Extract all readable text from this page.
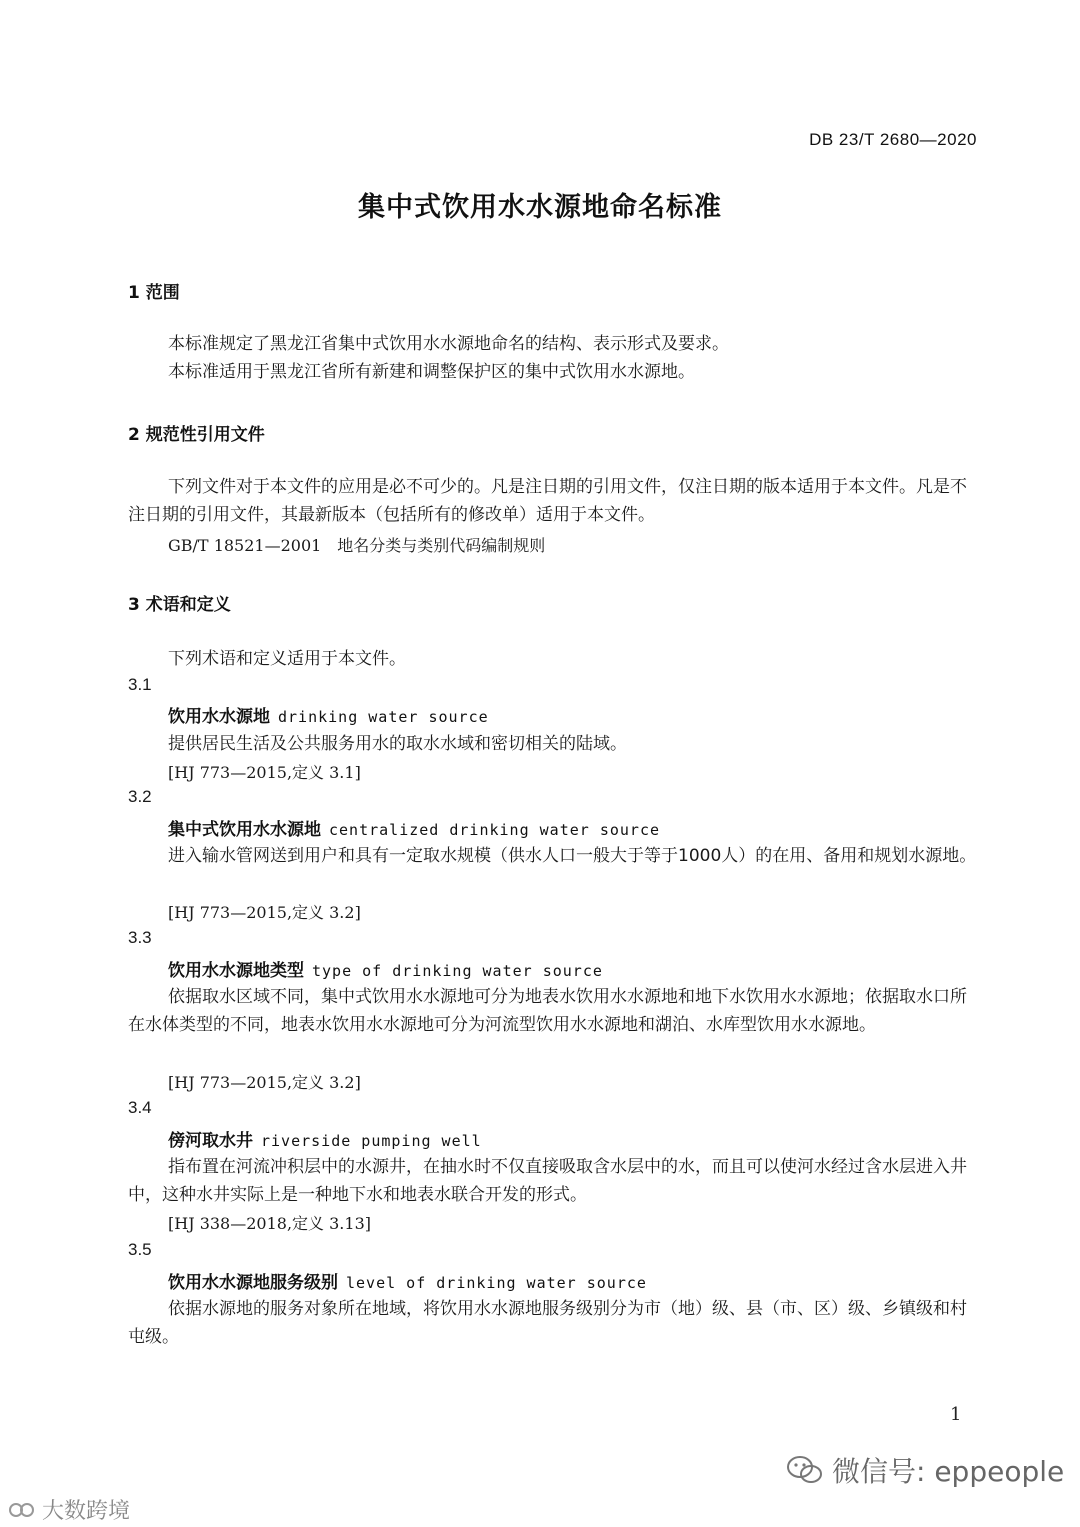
DB 23/T 2680—2020
集中式饮用水水源地命名标准
1 范围
本标准规定了黑龙江省集中式饮用水水源地命名的结构、表示形式及要求。
本标准适用于黑龙江省所有新建和调整保护区的集中式饮用水水源地。
2 规范性引用文件
下列文件对于本文件的应用是必不可少的。凡是注日期的引用文件，仅注日期的版本适用于本文件。凡是不注日期的引用文件，其最新版本（包括所有的修改单）适用于本文件。
GB/T 18521—2001　地名分类与类别代码编制规则
3 术语和定义
下列术语和定义适用于本文件。
3.1
饮用水水源地 drinking water source
提供居民生活及公共服务用水的取水水域和密切相关的陆域。
[HJ 773—2015,定义 3.1]
3.2
集中式饮用水水源地 centralized drinking water source
进入输水管网送到用户和具有一定取水规模（供水人口一般大于等于1000人）的在用、备用和规划水源地。
[HJ 773—2015,定义 3.2]
3.3
饮用水水源地类型 type of drinking water source
依据取水区域不同，集中式饮用水水源地可分为地表水饮用水水源地和地下水饮用水水源地；依据取水口所在水体类型的不同，地表水饮用水水源地可分为河流型饮用水水源地和湖泊、水库型饮用水水源地。
[HJ 773—2015,定义 3.2]
3.4
傍河取水井 riverside pumping well
指布置在河流冲积层中的水源井，在抽水时不仅直接吸取含水层中的水，而且可以使河水经过含水层进入井中，这种水井实际上是一种地下水和地表水联合开发的形式。
[HJ 338—2018,定义 3.13]
3.5
饮用水水源地服务级别 level of drinking water source
依据水源地的服务对象所在地域，将饮用水水源地服务级别分为市（地）级、县（市、区）级、乡镇级和村屯级。
1
微信号: eppeople
大数跨境
